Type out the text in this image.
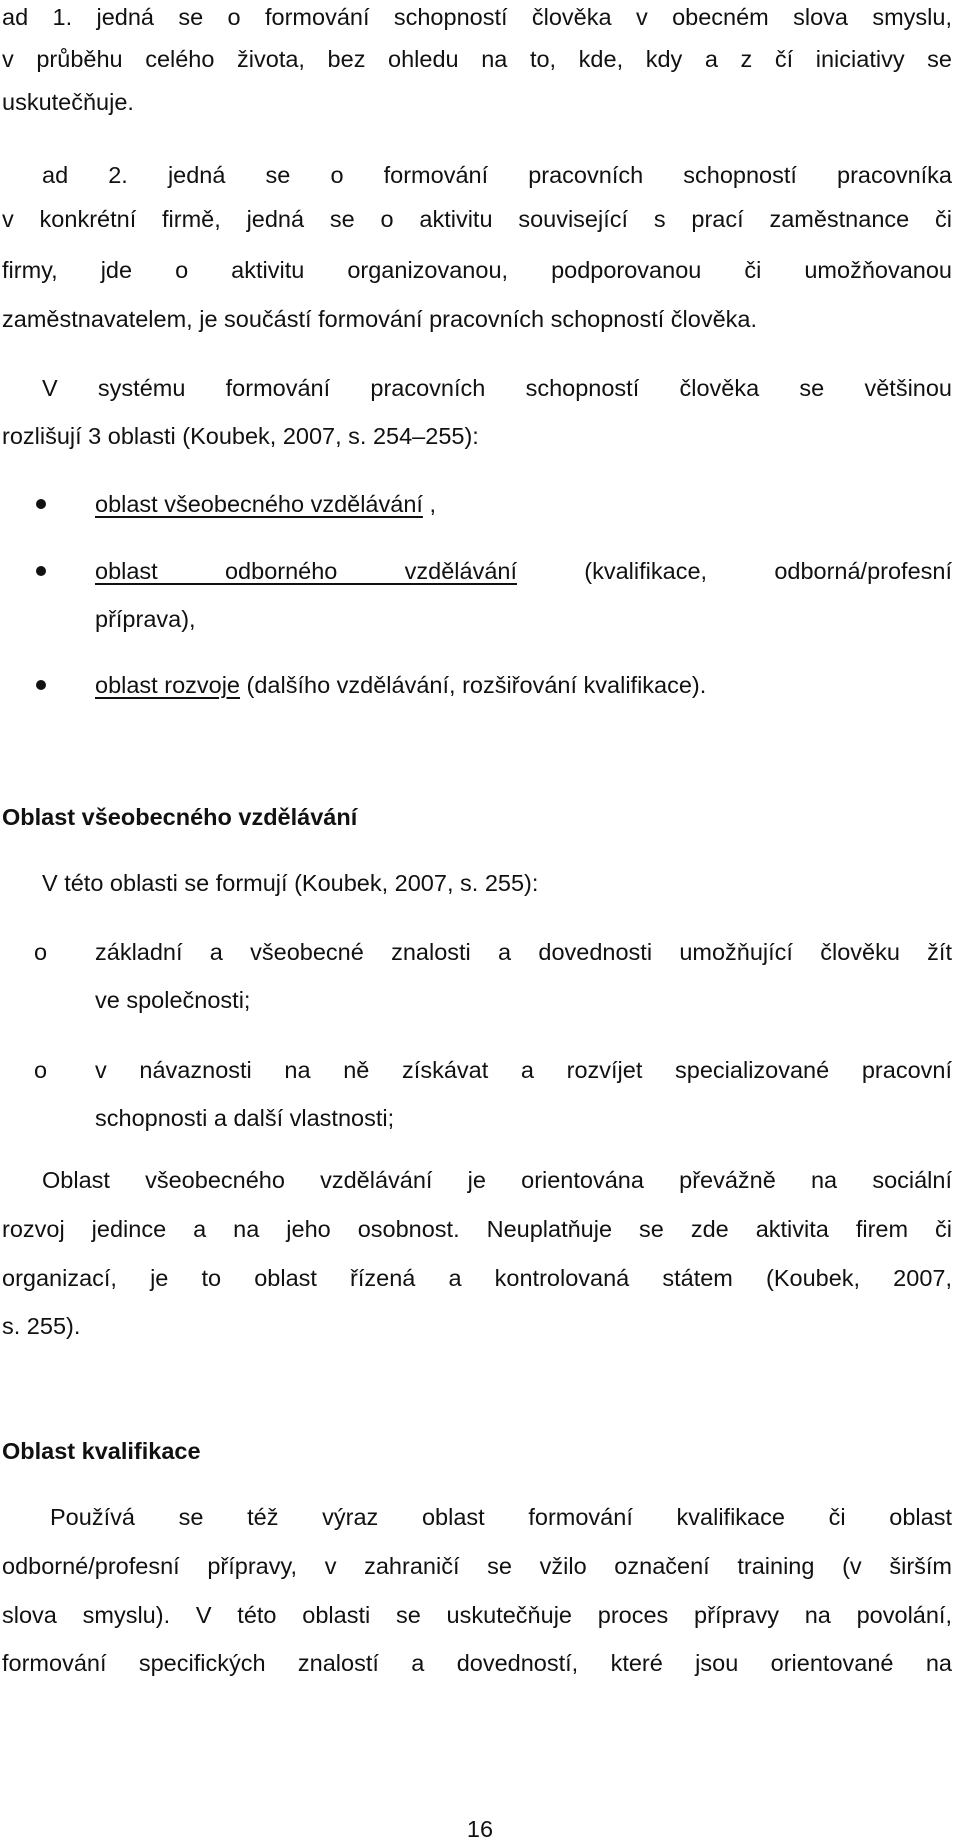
ad 1. jedná se o formování schopností člověka v obecném slova smyslu,
v průběhu celého života, bez ohledu na to, kde, kdy a z čí iniciativy se
uskutečňuje.
ad 2. jedná se o formování pracovních schopností pracovníka
v konkrétní firmě, jedná se o aktivitu související s prací zaměstnance či
firmy, jde o aktivitu organizovanou, podporovanou či umožňovanou
zaměstnavatelem, je součástí formování pracovních schopností člověka.
V systému formování pracovních schopností člověka se většinou
rozlišují 3 oblasti (Koubek, 2007, s. 254–255):
oblast všeobecného vzdělávání ,
oblast odborného vzdělávání	(kvalifikace, odborná/profesní
příprava),
oblast rozvoje (dalšího vzdělávání, rozšiřování kvalifikace).
Oblast všeobecného vzdělávání
V této oblasti se formují (Koubek, 2007, s. 255):
o základní a všeobecné znalosti a dovednosti umožňující člověku žít
ve společnosti;
o v návaznosti na ně získávat a rozvíjet specializované pracovní
schopnosti a další vlastnosti;
Oblast všeobecného vzdělávání je orientována převážně na sociální
rozvoj jedince a na jeho osobnost. Neuplatňuje se zde aktivita firem či
organizací, je to oblast řízená a kontrolovaná státem (Koubek, 2007,
s. 255).
Oblast kvalifikace
Používá se též výraz oblast formování kvalifikace či oblast
odborné/profesní přípravy, v zahraničí se vžilo označení training (v širším
slova smyslu). V této oblasti se uskutečňuje proces přípravy na povolání,
formování specifických znalostí a dovedností, které jsou orientované na
16
